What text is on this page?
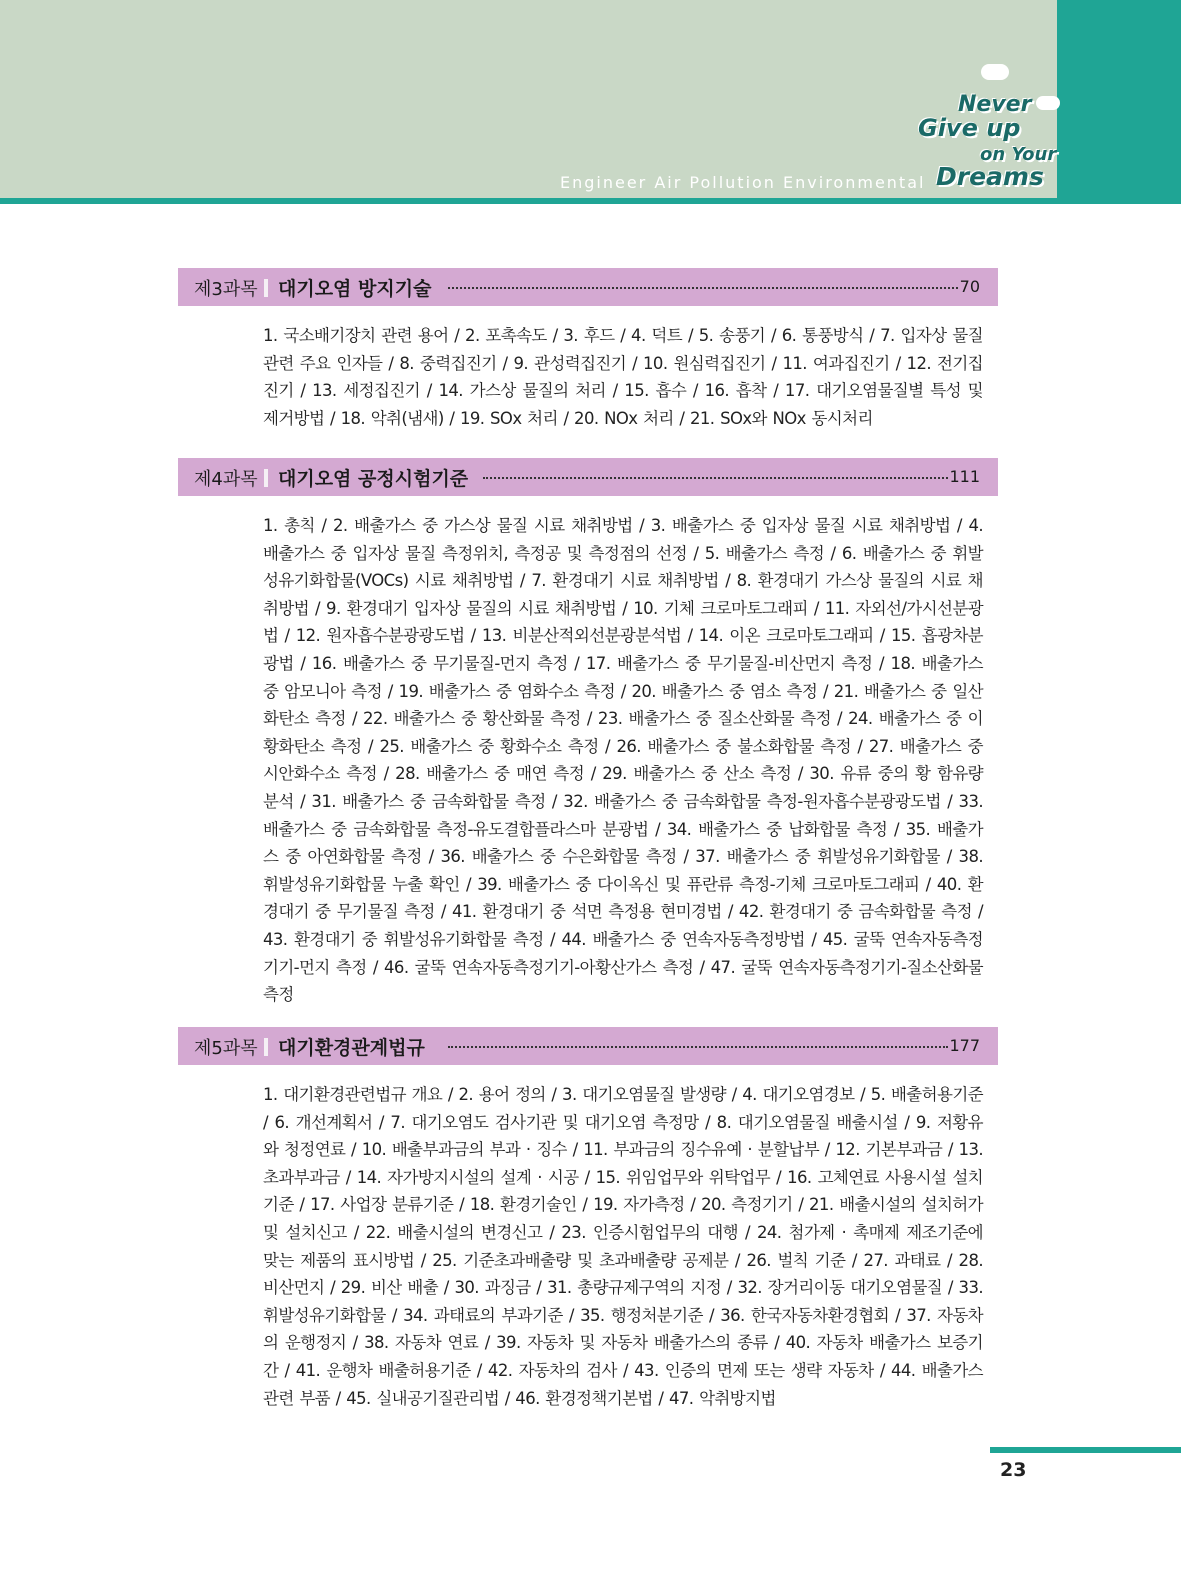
Engineer Air Pollution Environmental
Never
Give up
on Your
Dreams
제3과목 대기오염 방지기술	70
1. 국소배기장치 관련 용어 / 2. 포촉속도 / 3. 후드 / 4. 덕트 / 5. 송풍기 / 6. 통풍방식 / 7. 입자상 물질 관련 주요 인자들 / 8. 중력집진기 / 9. 관성력집진기 / 10. 원심력집진기 / 11. 여과집진기 / 12. 전기집진기 / 13. 세정집진기 / 14. 가스상 물질의 처리 / 15. 흡수 / 16. 흡착 / 17. 대기오염물질별 특성 및 제거방법 / 18. 악취(냄새) / 19. SOx 처리 / 20. NOx 처리 / 21. SOx와 NOx 동시처리
제4과목 대기오염 공정시험기준	111
1. 총칙 / 2. 배출가스 중 가스상 물질 시료 채취방법 / 3. 배출가스 중 입자상 물질 시료 채취방법 / 4. 배출가스 중 입자상 물질 측정위치, 측정공 및 측정점의 선정 / 5. 배출가스 측정 / 6. 배출가스 중 휘발성유기화합물(VOCs) 시료 채취방법 / 7. 환경대기 시료 채취방법 / 8. 환경대기 가스상 물질의 시료 채취방법 / 9. 환경대기 입자상 물질의 시료 채취방법 / 10. 기체 크로마토그래피 / 11. 자외선/가시선분광법 / 12. 원자흡수분광광도법 / 13. 비분산적외선분광분석법 / 14. 이온 크로마토그래피 / 15. 흡광차분광법 / 16. 배출가스 중 무기물질-먼지 측정 / 17. 배출가스 중 무기물질-비산먼지 측정 / 18. 배출가스 중 암모니아 측정 / 19. 배출가스 중 염화수소 측정 / 20. 배출가스 중 염소 측정 / 21. 배출가스 중 일산화탄소 측정 / 22. 배출가스 중 황산화물 측정 / 23. 배출가스 중 질소산화물 측정 / 24. 배출가스 중 이황화탄소 측정 / 25. 배출가스 중 황화수소 측정 / 26. 배출가스 중 불소화합물 측정 / 27. 배출가스 중 시안화수소 측정 / 28. 배출가스 중 매연 측정 / 29. 배출가스 중 산소 측정 / 30. 유류 중의 황 함유량 분석 / 31. 배출가스 중 금속화합물 측정 / 32. 배출가스 중 금속화합물 측정-원자흡수분광광도법 / 33. 배출가스 중 금속화합물 측정-유도결합플라스마 분광법 / 34. 배출가스 중 납화합물 측정 / 35. 배출가스 중 아연화합물 측정 / 36. 배출가스 중 수은화합물 측정 / 37. 배출가스 중 휘발성유기화합물 / 38. 휘발성유기화합물 누출 확인 / 39. 배출가스 중 다이옥신 및 퓨란류 측정-기체 크로마토그래피 / 40. 환경대기 중 무기물질 측정 / 41. 환경대기 중 석면 측정용 현미경법 / 42. 환경대기 중 금속화합물 측정 / 43. 환경대기 중 휘발성유기화합물 측정 / 44. 배출가스 중 연속자동측정방법 / 45. 굴뚝 연속자동측정기기-먼지 측정 / 46. 굴뚝 연속자동측정기기-아황산가스 측정 / 47. 굴뚝 연속자동측정기기-질소산화물 측정
제5과목 대기환경관계법규	177
1. 대기환경관련법규 개요 / 2. 용어 정의 / 3. 대기오염물질 발생량 / 4. 대기오염경보 / 5. 배출허용기준 / 6. 개선계획서 / 7. 대기오염도 검사기관 및 대기오염 측정망 / 8. 대기오염물질 배출시설 / 9. 저황유와 청정연료 / 10. 배출부과금의 부과 · 징수 / 11. 부과금의 징수유예 · 분할납부 / 12. 기본부과금 / 13. 초과부과금 / 14. 자가방지시설의 설계 · 시공 / 15. 위임업무와 위탁업무 / 16. 고체연료 사용시설 설치기준 / 17. 사업장 분류기준 / 18. 환경기술인 / 19. 자가측정 / 20. 측정기기 / 21. 배출시설의 설치허가 및 설치신고 / 22. 배출시설의 변경신고 / 23. 인증시험업무의 대행 / 24. 첨가제 · 촉매제 제조기준에 맞는 제품의 표시방법 / 25. 기준초과배출량 및 초과배출량 공제분 / 26. 벌칙 기준 / 27. 과태료 / 28. 비산먼지 / 29. 비산 배출 / 30. 과징금 / 31. 총량규제구역의 지정 / 32. 장거리이동 대기오염물질 / 33. 휘발성유기화합물 / 34. 과태료의 부과기준 / 35. 행정처분기준 / 36. 한국자동차환경협회 / 37. 자동차의 운행정지 / 38. 자동차 연료 / 39. 자동차 및 자동차 배출가스의 종류 / 40. 자동차 배출가스 보증기간 / 41. 운행차 배출허용기준 / 42. 자동차의 검사 / 43. 인증의 면제 또는 생략 자동차 / 44. 배출가스 관련 부품 / 45. 실내공기질관리법 / 46. 환경정책기본법 / 47. 악취방지법
23
